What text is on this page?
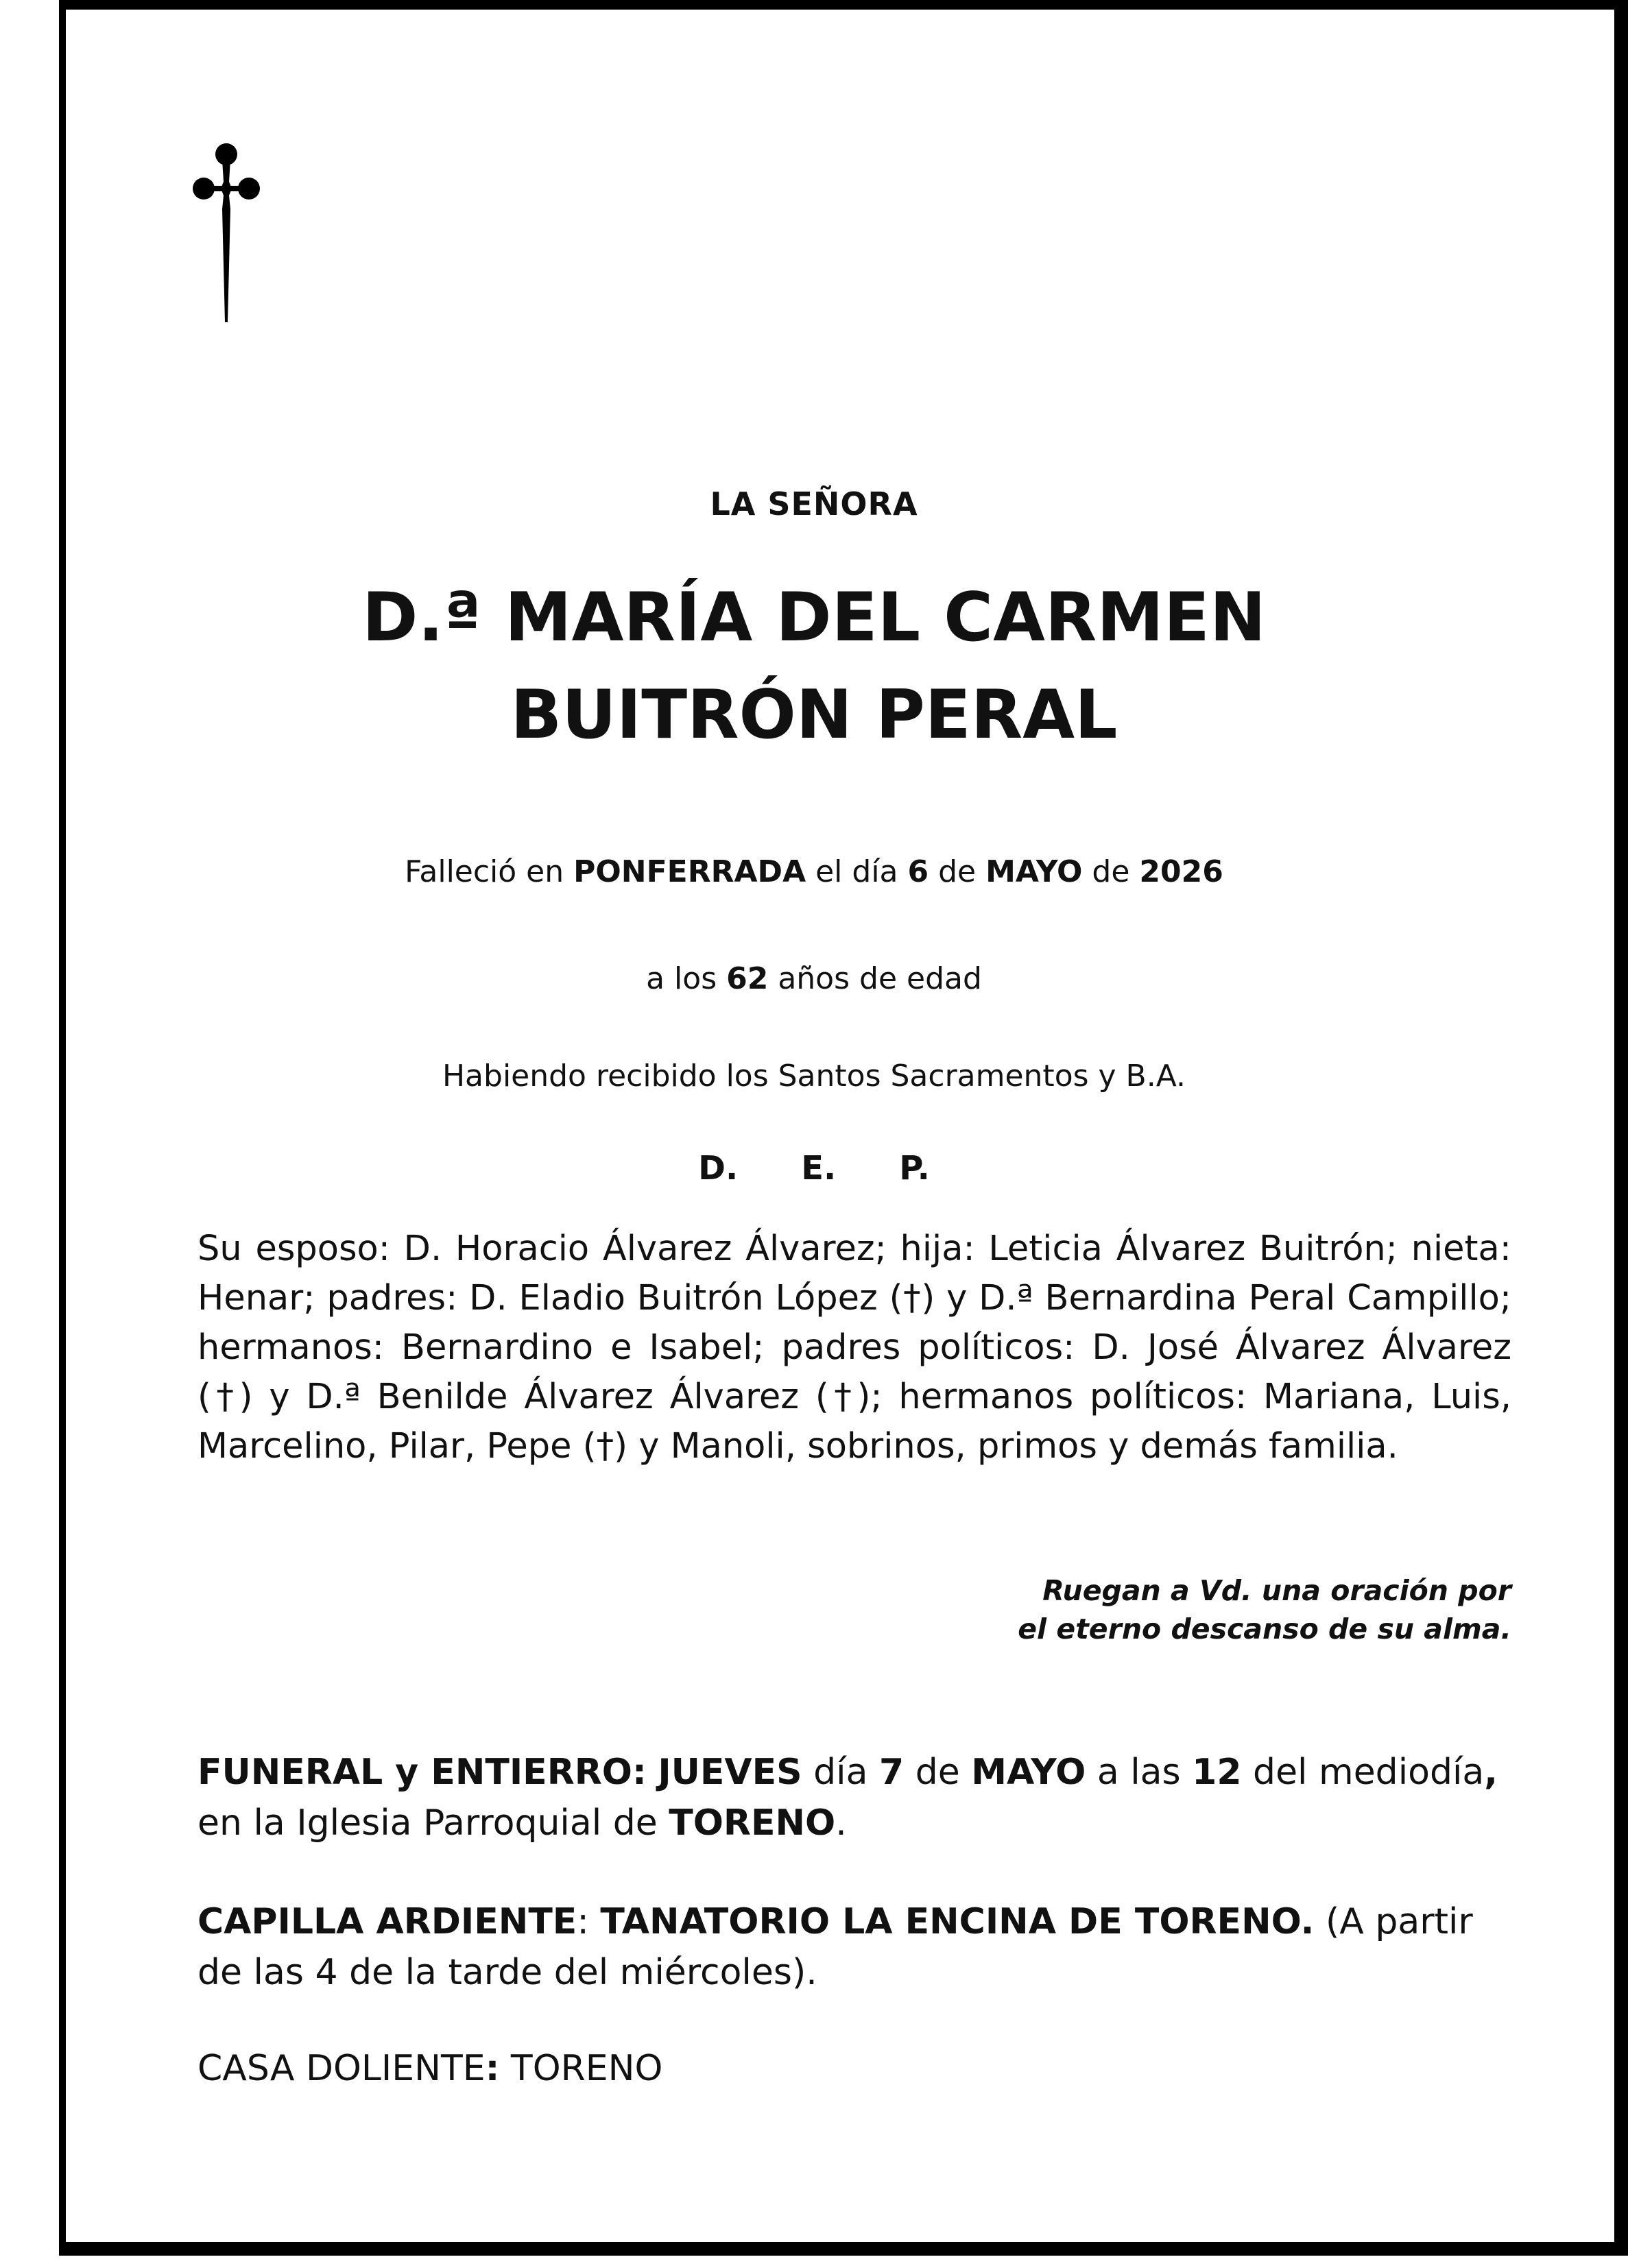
LA SEÑORA
D.ª MARÍA DEL CARMEN
BUITRÓN PERAL
Falleció en PONFERRADA el día 6 de MAYO de 2026
a los 62 años de edad
Habiendo recibido los Santos Sacramentos y B.A.
D. E. P.
Su esposo: D. Horacio Álvarez Álvarez; hija: Leticia Álvarez Buitrón; nieta: Henar; padres: D. Eladio Buitrón López (†) y D.ª Bernardina Peral Campillo; hermanos: Bernardino e Isabel; padres políticos: D. José Álvarez Álvarez (†) y D.ª Benilde Álvarez Álvarez (†); hermanos políticos: Mariana, Luis, Marcelino, Pilar, Pepe (†) y Manoli, sobrinos, primos y demás familia.
Ruegan a Vd. una oración por
el eterno descanso de su alma.
FUNERAL y ENTIERRO: JUEVES día 7 de MAYO a las 12 del mediodía,
en la Iglesia Parroquial de TORENO.
CAPILLA ARDIENTE: TANATORIO LA ENCINA DE TORENO. (A partir de las 4 de la tarde del miércoles).
CASA DOLIENTE: TORENO
